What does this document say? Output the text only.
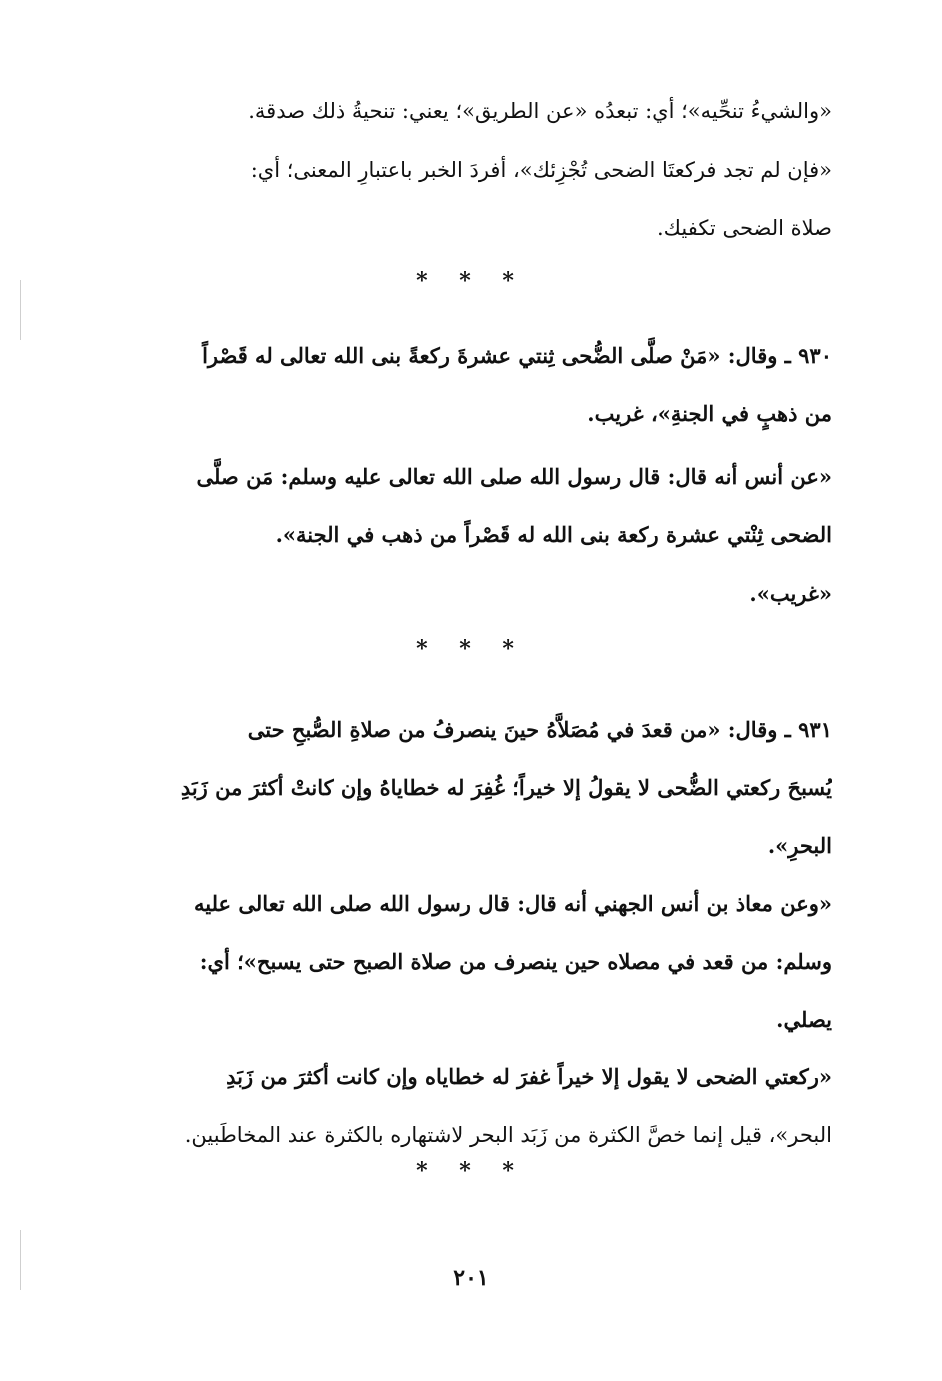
«والشيءُ تنحِّيه»؛ أي: تبعدُه «عن الطريق»؛ يعني: تنحيةُ ذلك صدقة.

«فإن لم تجد فركعتَا الضحى تُجْزِئك»، أفردَ الخبر باعتبارِ المعنى؛ أي:
صلاة الضحى تكفيك.

* * *

٩٣٠ ـ وقال: «مَنْ صلَّى الضُّحى ثِنتي عشرةَ ركعةً بنى الله تعالى له قَصْراً
من ذهبٍ في الجنةِ»، غريب.

«عن أنس أنه قال: قال رسول الله صلى الله تعالى عليه وسلم: مَن صلَّى
الضحى ثِنْتي عشرة ركعة بنى الله له قَصْراً من ذهب في الجنة».

«غريب».

* * *

٩٣١ ـ وقال: «من قعدَ في مُصَلاَّهُ حينَ ينصرفُ من صلاةِ الصُّبحِ حتى
يُسبحَ ركعتي الضُّحى لا يقولُ إلا خيراً؛ غُفِرَ له خطاياهُ وإن كانتْ أكثرَ من زَبَدِ
البحرِ».

«وعن معاذ بن أنس الجهني أنه قال: قال رسول الله صلى الله تعالى عليه
وسلم: من قعد في مصلاه حين ينصرف من صلاة الصبح حتى يسبح»؛ أي:
يصلي.

«ركعتي الضحى لا يقول إلا خيراً غفرَ له خطاياه وإن كانت أكثرَ من زَبَدِ
البحر»، قيل إنما خصَّ الكثرة من زَبَد البحر لاشتهاره بالكثرة عند المخاطَبين.

* * *
٢٠١
